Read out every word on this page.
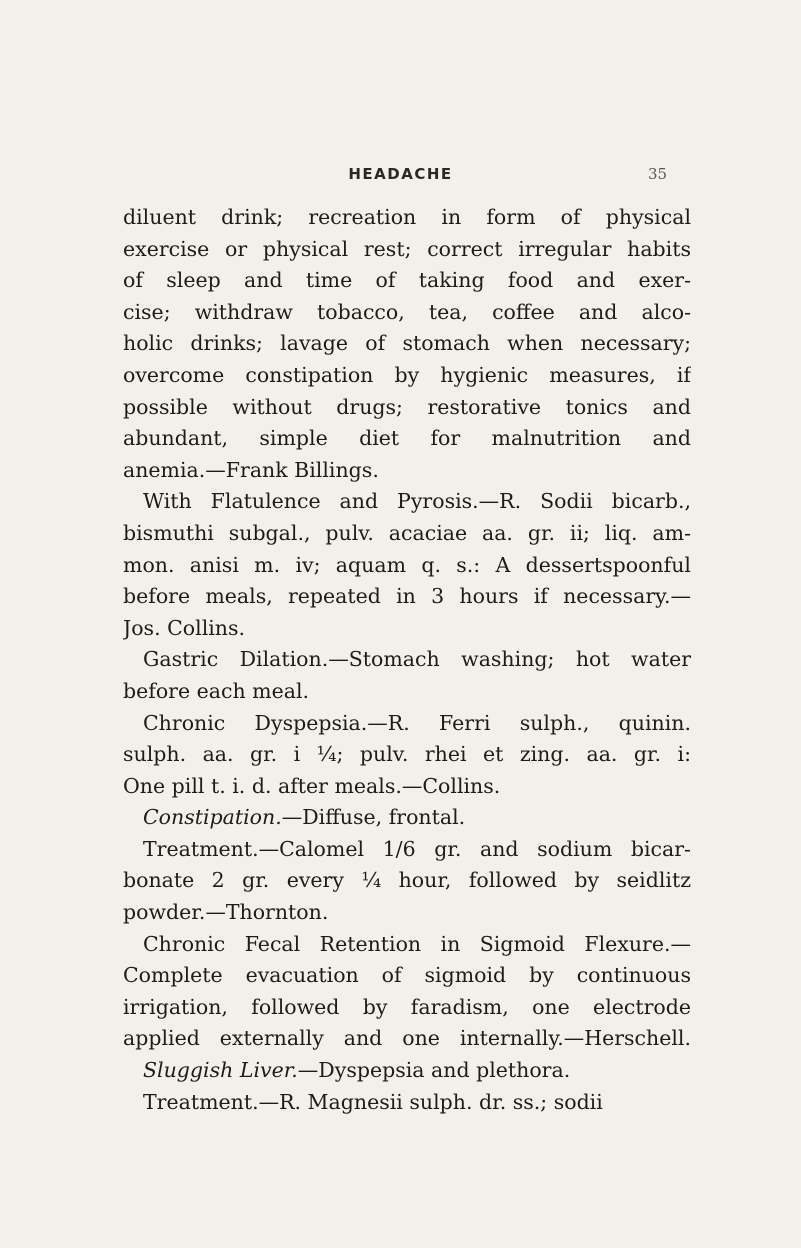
HEADACHE	35
diluent drink; recreation in form of physical
exercise or physical rest; correct irregular habits
of sleep and time of taking food and exer-
cise; withdraw tobacco, tea, coffee and alco-
holic drinks; lavage of stomach when necessary;
overcome constipation by hygienic measures, if
possible without drugs; restorative tonics and
abundant, simple diet for malnutrition and
anemia.—Frank Billings.
With Flatulence and Pyrosis.—R. Sodii bicarb.,
bismuthi subgal., pulv. acaciae aa. gr. ii; liq. am-
mon. anisi m. iv; aquam q. s.: A dessertspoonful
before meals, repeated in 3 hours if necessary.—
Jos. Collins.
Gastric Dilation.—Stomach washing; hot water
before each meal.
Chronic Dyspepsia.—R. Ferri sulph., quinin.
sulph. aa. gr. i ¼; pulv. rhei et zing. aa. gr. i:
One pill t. i. d. after meals.—Collins.
Constipation.—Diffuse, frontal.
Treatment.—Calomel 1/6 gr. and sodium bicar-
bonate 2 gr. every ¼ hour, followed by seidlitz
powder.—Thornton.
Chronic Fecal Retention in Sigmoid Flexure.—
Complete evacuation of sigmoid by continuous
irrigation, followed by faradism, one electrode
applied externally and one internally.—Herschell.
Sluggish Liver.—Dyspepsia and plethora.
Treatment.—R. Magnesii sulph. dr. ss.; sodii
